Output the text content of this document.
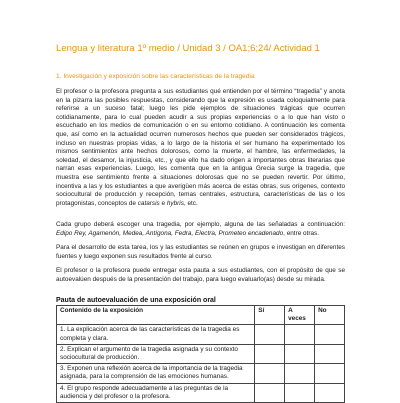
Lengua y literatura 1º medio / Unidad 3 / OA1;6;24/ Actividad 1
1. Investigación y exposición sobre las características de la tragedia

El profesor o la profesora pregunta a sus estudiantes qué entienden por el término “tragedia” y anota en la pizarra las posibles respuestas, considerando que la expresión es usada coloquialmente para referirse a un suceso fatal; luego les pide ejemplos de situaciones trágicas que ocurren cotidianamente, para lo cual pueden acudir a sus propias experiencias o a lo que han visto o escuchado en los medios de comunicación o en su entorno cotidiano. A continuación les comenta que, así como en la actualidad ocurren numerosos hechos que pueden ser considerados trágicos, incluso en nuestras propias vidas, a lo largo de la historia el ser humano ha experimentado los mismos sentimientos ante hechos dolorosos, como la muerte, el hambre, las enfermedades, la soledad, el desamor, la injusticia, etc., y que ello ha dado origen a importantes obras literarias que narran esas experiencias. Luego, les comenta que en la antigua Grecia surge la tragedia, que muestra ese sentimiento frente a situaciones dolorosas que no se pueden revertir. Por último, incentiva a las y los estudiantes a que averigüen más acerca de estas obras, sus orígenes, contexto sociocultural de producción y recepción, temas centrales, estructura, características de las o los protagonistas, conceptos de catarsis e hybris, etc.

Cada grupo deberá escoger una tragedia, por ejemplo, alguna de las señaladas a continuación: Edipo Rey, Agamenón, Medea, Antígona, Fedra, Electra, Prometeo encadenado, entre otras.

Para el desarrollo de esta tarea, los y las estudiantes se reúnen en grupos e investigan en diferentes fuentes y luego exponen sus resultados frente al curso.

El profesor o la profesora puede entregar esta pauta a sus estudiantes, con el propósito de que se autoevalúen después de la presentación del trabajo, para luego evaluarlo(as) desde su mirada.

Pauta de autoevaluación de una exposición oral
Contenido de la exposición	Sí	A veces	No
1. La explicación acerca de las características de la tragedia es completa y clara.			
2. Explican el argumento de la tragedia asignada y su contexto sociocultural de producción.			
3. Exponen una reflexión acerca de la importancia de la tragedia asignada, para la comprensión de las emociones humanas.			
4. El grupo responde adecuadamente a las preguntas de la audiencia y del profesor o la profesora.			
